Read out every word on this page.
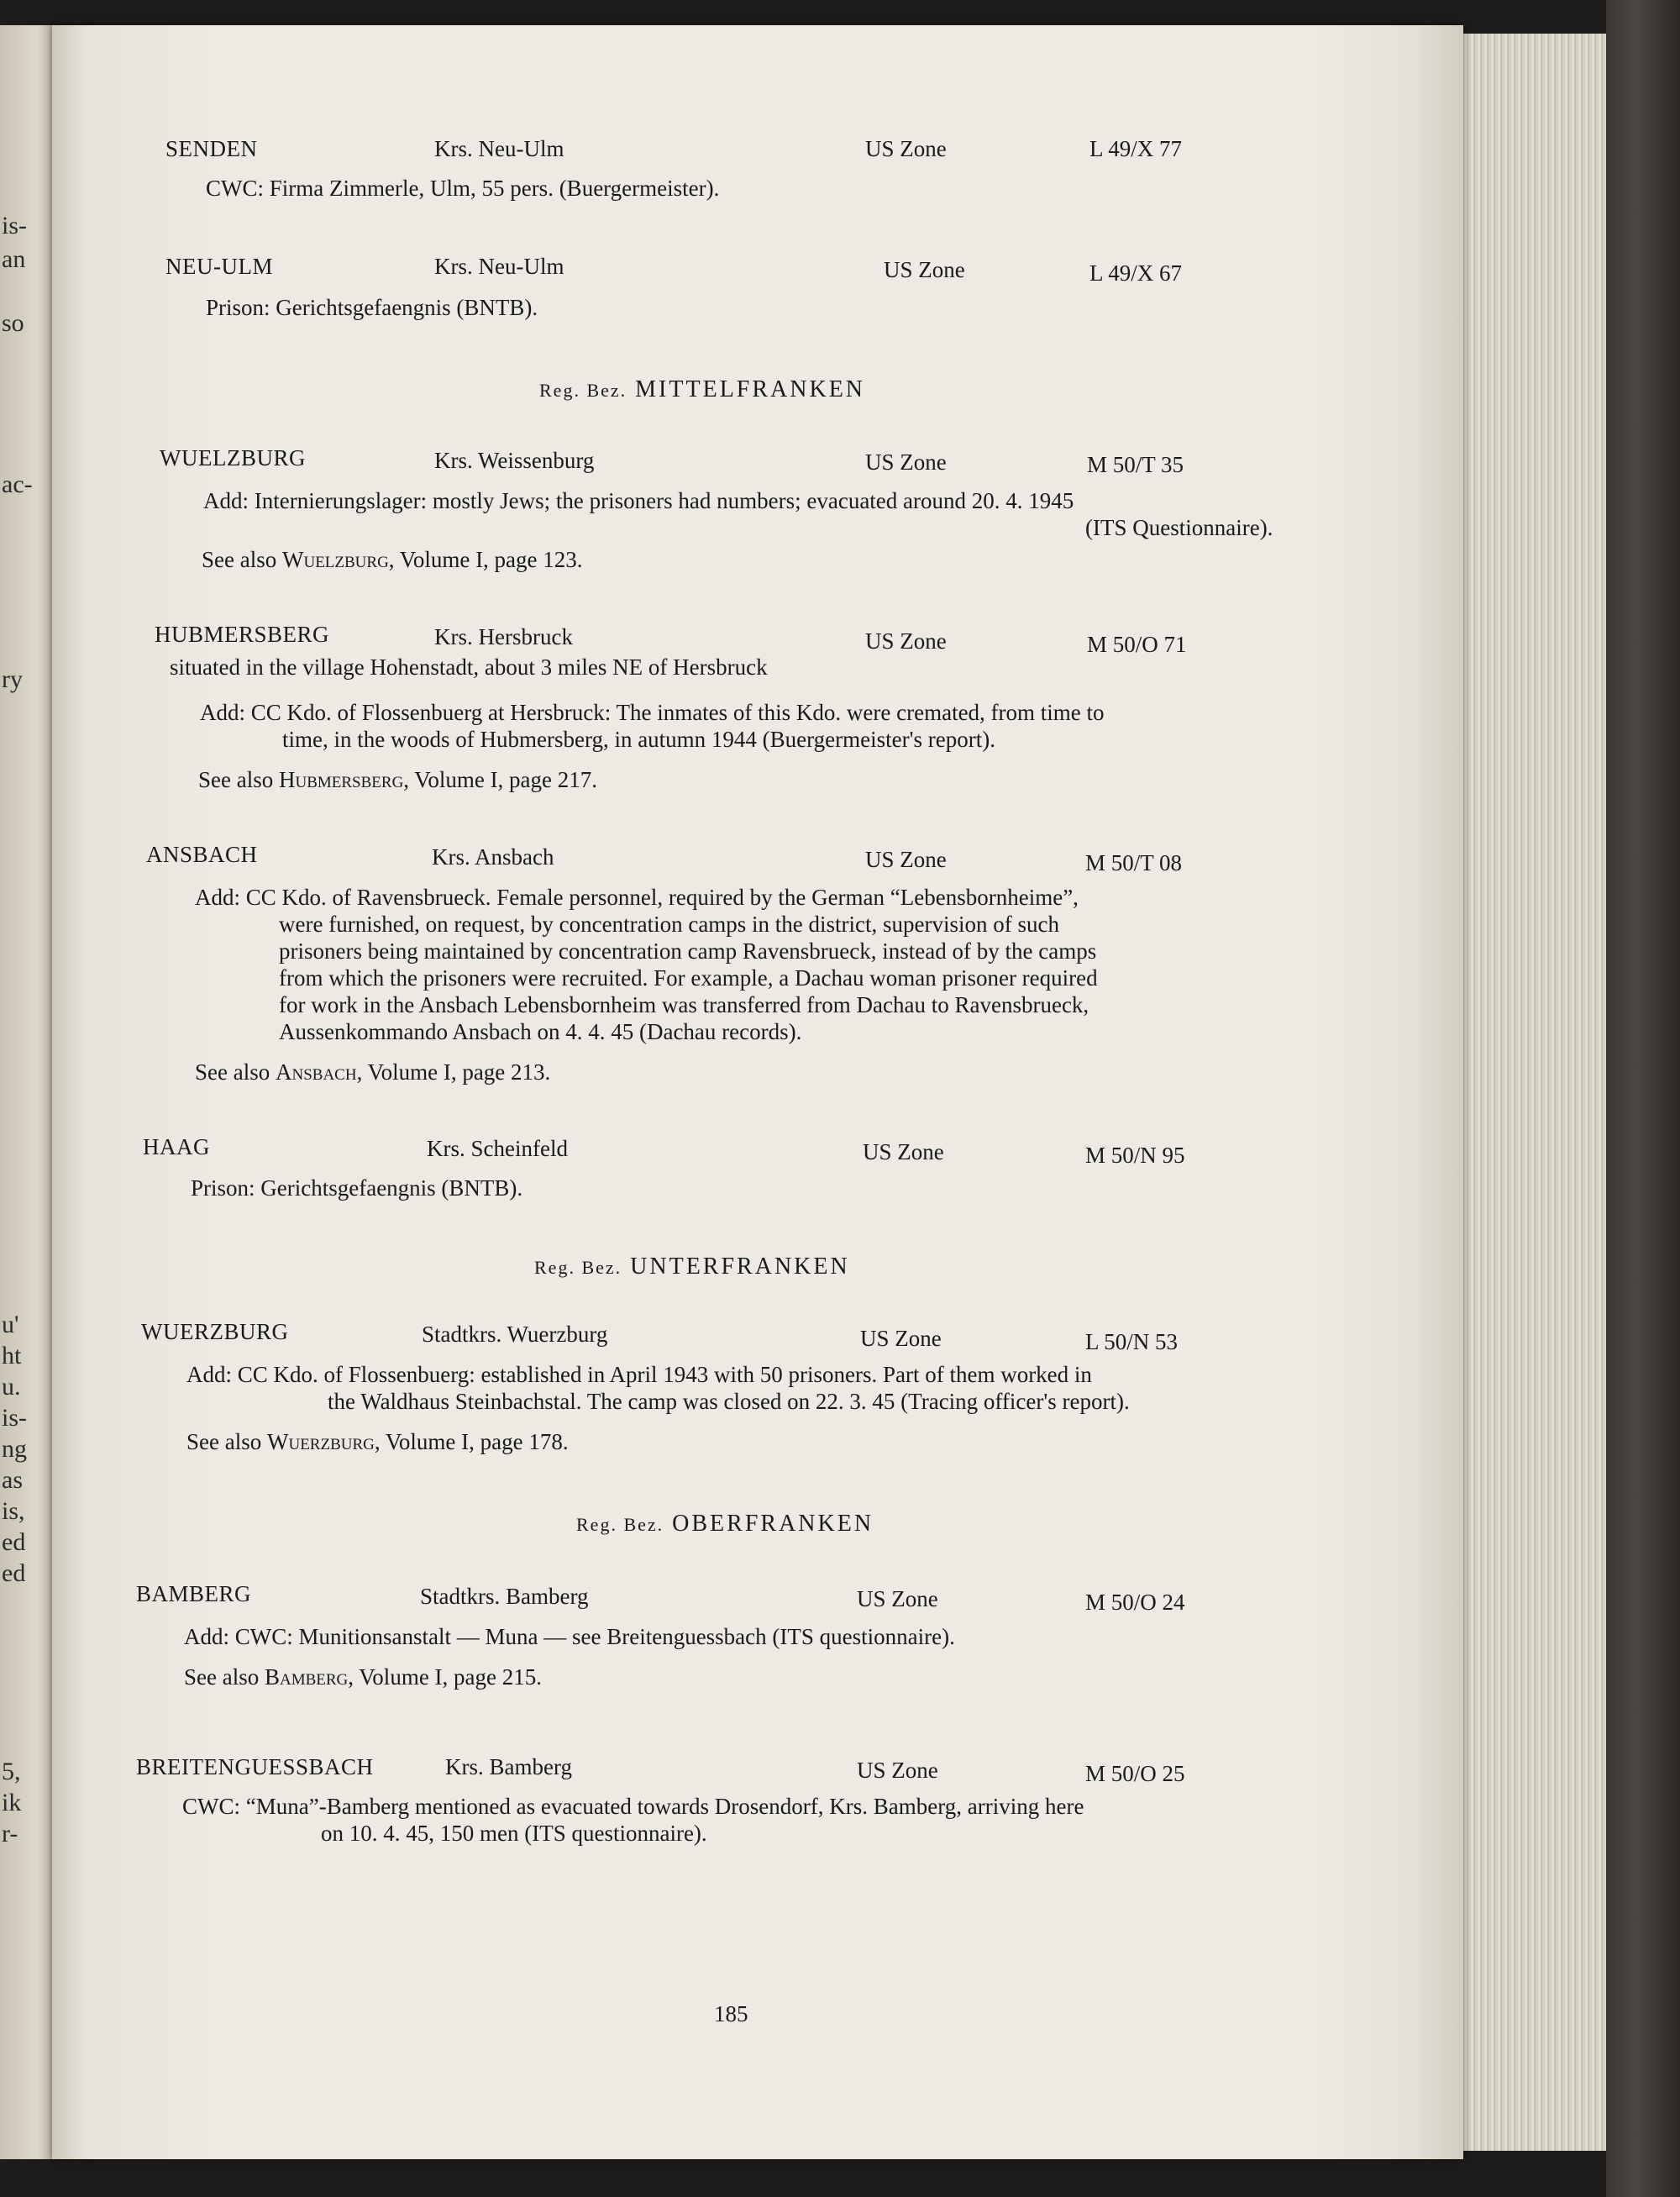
is-
an
so
ac-
ry
u'
ht
u.
is-
ng
as
is,
ed
ed
5,
ik
r-
SENDEN	Krs. Neu-Ulm	US Zone	L 49/X 77
CWC: Firma Zimmerle, Ulm, 55 pers. (Buergermeister).
NEU-ULM	Krs. Neu-Ulm	US Zone	L 49/X 67
Prison: Gerichtsgefaengnis (BNTB).
Reg. Bez. MITTELFRANKEN
WUELZBURG	Krs. Weissenburg	US Zone	M 50/T 35
Add: Internierungslager: mostly Jews; the prisoners had numbers; evacuated around 20. 4. 1945
(ITS Questionnaire).
See also Wuelzburg, Volume I, page 123.
HUBMERSBERG	Krs. Hersbruck	US Zone	M 50/O 71
situated in the village Hohenstadt, about 3 miles NE of Hersbruck
Add: CC Kdo. of Flossenbuerg at Hersbruck: The inmates of this Kdo. were cremated, from time to
time, in the woods of Hubmersberg, in autumn 1944 (Buergermeister's report).
See also Hubmersberg, Volume I, page 217.
ANSBACH	Krs. Ansbach	US Zone	M 50/T 08
Add: CC Kdo. of Ravensbrueck. Female personnel, required by the German “Lebensbornheime”,
were furnished, on request, by concentration camps in the district, supervision of such
prisoners being maintained by concentration camp Ravensbrueck, instead of by the camps
from which the prisoners were recruited. For example, a Dachau woman prisoner required
for work in the Ansbach Lebensbornheim was transferred from Dachau to Ravensbrueck,
Aussenkommando Ansbach on 4. 4. 45 (Dachau records).
See also Ansbach, Volume I, page 213.
HAAG	Krs. Scheinfeld	US Zone	M 50/N 95
Prison: Gerichtsgefaengnis (BNTB).
Reg. Bez. UNTERFRANKEN
WUERZBURG	Stadtkrs. Wuerzburg	US Zone	L 50/N 53
Add: CC Kdo. of Flossenbuerg: established in April 1943 with 50 prisoners. Part of them worked in
the Waldhaus Steinbachstal. The camp was closed on 22. 3. 45 (Tracing officer's report).
See also Wuerzburg, Volume I, page 178.
Reg. Bez. OBERFRANKEN
BAMBERG	Stadtkrs. Bamberg	US Zone	M 50/O 24
Add: CWC: Munitionsanstalt — Muna — see Breitenguessbach (ITS questionnaire).
See also Bamberg, Volume I, page 215.
BREITENGUESSBACH	Krs. Bamberg	US Zone	M 50/O 25
CWC: “Muna”-Bamberg mentioned as evacuated towards Drosendorf, Krs. Bamberg, arriving here
on 10. 4. 45, 150 men (ITS questionnaire).
185
